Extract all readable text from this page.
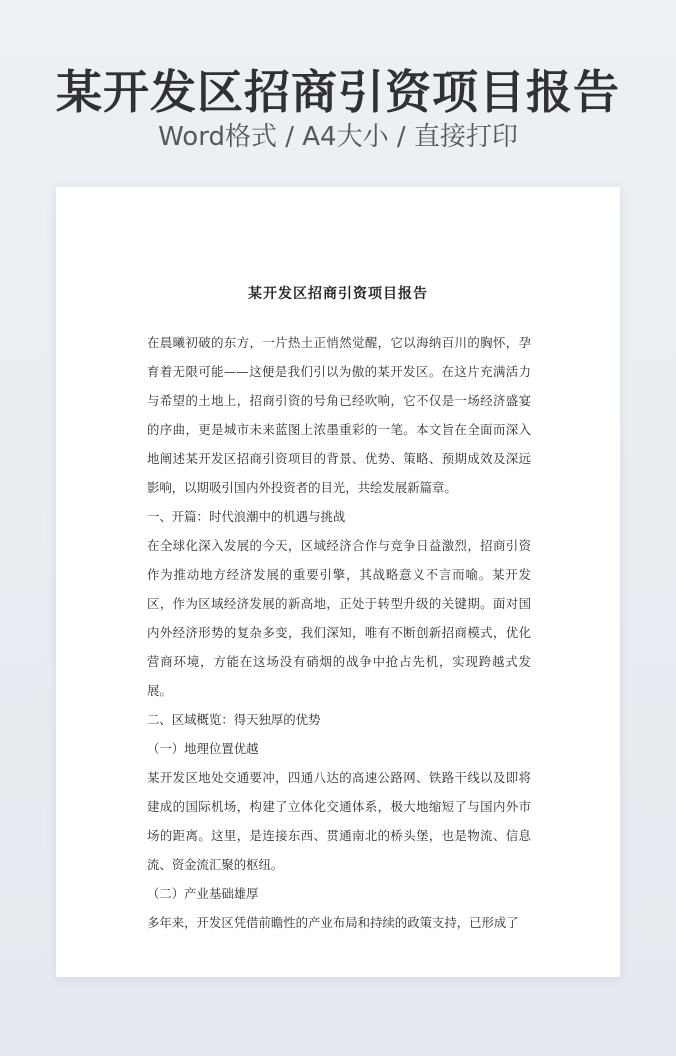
某开发区招商引资项目报告
Word格式 / A4大小 / 直接打印
某开发区招商引资项目报告

在晨曦初破的东方，一片热土正悄然觉醒，它以海纳百川的胸怀，孕育着无限可能——这便是我们引以为傲的某开发区。在这片充满活力与希望的土地上，招商引资的号角已经吹响，它不仅是一场经济盛宴的序曲，更是城市未来蓝图上浓墨重彩的一笔。本文旨在全面而深入地阐述某开发区招商引资项目的背景、优势、策略、预期成效及深远影响，以期吸引国内外投资者的目光，共绘发展新篇章。

一、开篇：时代浪潮中的机遇与挑战

在全球化深入发展的今天，区域经济合作与竞争日益激烈，招商引资作为推动地方经济发展的重要引擎，其战略意义不言而喻。某开发区，作为区域经济发展的新高地，正处于转型升级的关键期。面对国内外经济形势的复杂多变，我们深知，唯有不断创新招商模式，优化营商环境，方能在这场没有硝烟的战争中抢占先机，实现跨越式发展。

二、区域概览：得天独厚的优势

（一）地理位置优越

某开发区地处交通要冲，四通八达的高速公路网、铁路干线以及即将建成的国际机场，构建了立体化交通体系，极大地缩短了与国内外市场的距离。这里，是连接东西、贯通南北的桥头堡，也是物流、信息流、资金流汇聚的枢纽。

（二）产业基础雄厚

多年来，开发区凭借前瞻性的产业布局和持续的政策支持，已形成了
